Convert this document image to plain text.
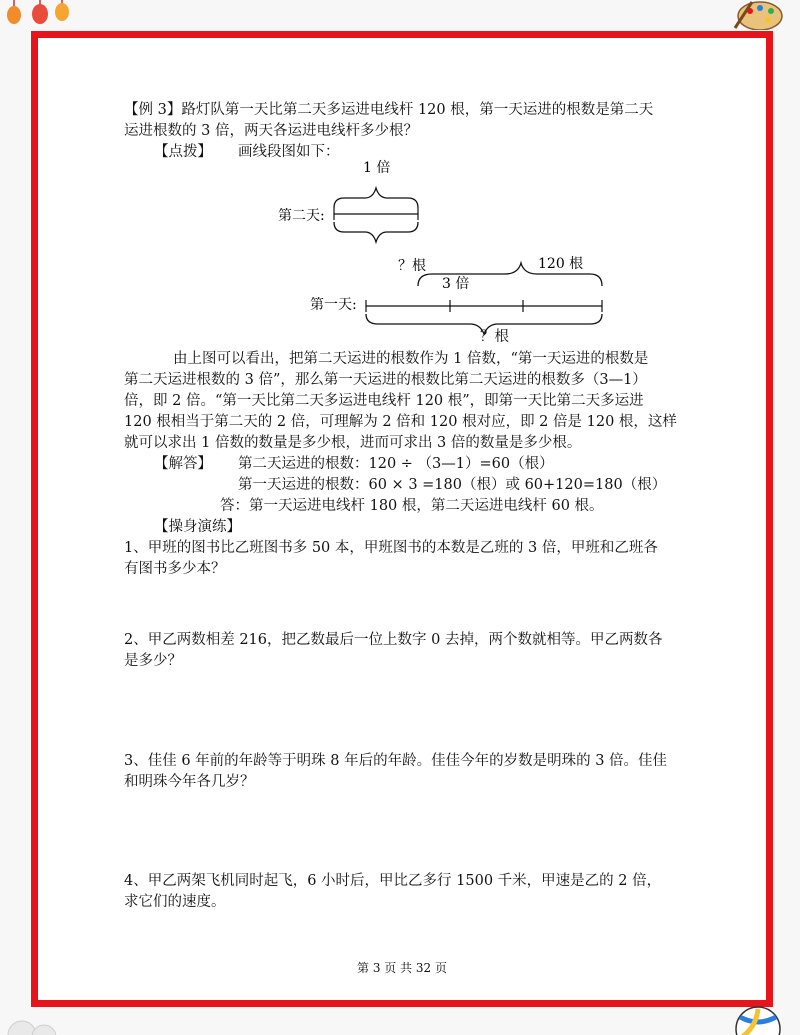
【例 3】路灯队第一天比第二天多运进电线杆 120 根，第一天运进的根数是第二天

运进根数的 3 倍，两天各运进电线杆多少根？

【点拨】 画线段图如下：

1 倍
第二天:
？根	120 根
3 倍
第一天:

？根

由上图可以看出，把第二天运进的根数作为 1 倍数，“第一天运进的根数是

第二天运进根数的 3 倍”，那么第一天运进的根数比第二天运进的根数多（3—1）

倍，即 2 倍。“第一天比第二天多运进电线杆 120 根”，即第一天比第二天多运进

120 根相当于第二天的 2 倍，可理解为 2 倍和 120 根对应，即 2 倍是 120 根，这样

就可以求出 1 倍数的数量是多少根，进而可求出 3 倍的数量是多少根。

【解答】 第二天运进的根数：120 ÷ （3—1）=60（根）

第一天运进的根数：60 × 3 =180（根）或 60+120=180（根）

答：第一天运进电线杆 180 根，第二天运进电线杆 60 根。

【操身演练】

1、甲班的图书比乙班图书多 50 本，甲班图书的本数是乙班的 3 倍，甲班和乙班各

有图书多少本？

2、甲乙两数相差 216，把乙数最后一位上数字 0 去掉，两个数就相等。甲乙两数各

是多少？

3、佳佳 6 年前的年龄等于明珠 8 年后的年龄。佳佳今年的岁数是明珠的 3 倍。佳佳

和明珠今年各几岁？

4、甲乙两架飞机同时起飞，6 小时后，甲比乙多行 1500 千米，甲速是乙的 2 倍，

求它们的速度。

第 3 页 共 32 页
